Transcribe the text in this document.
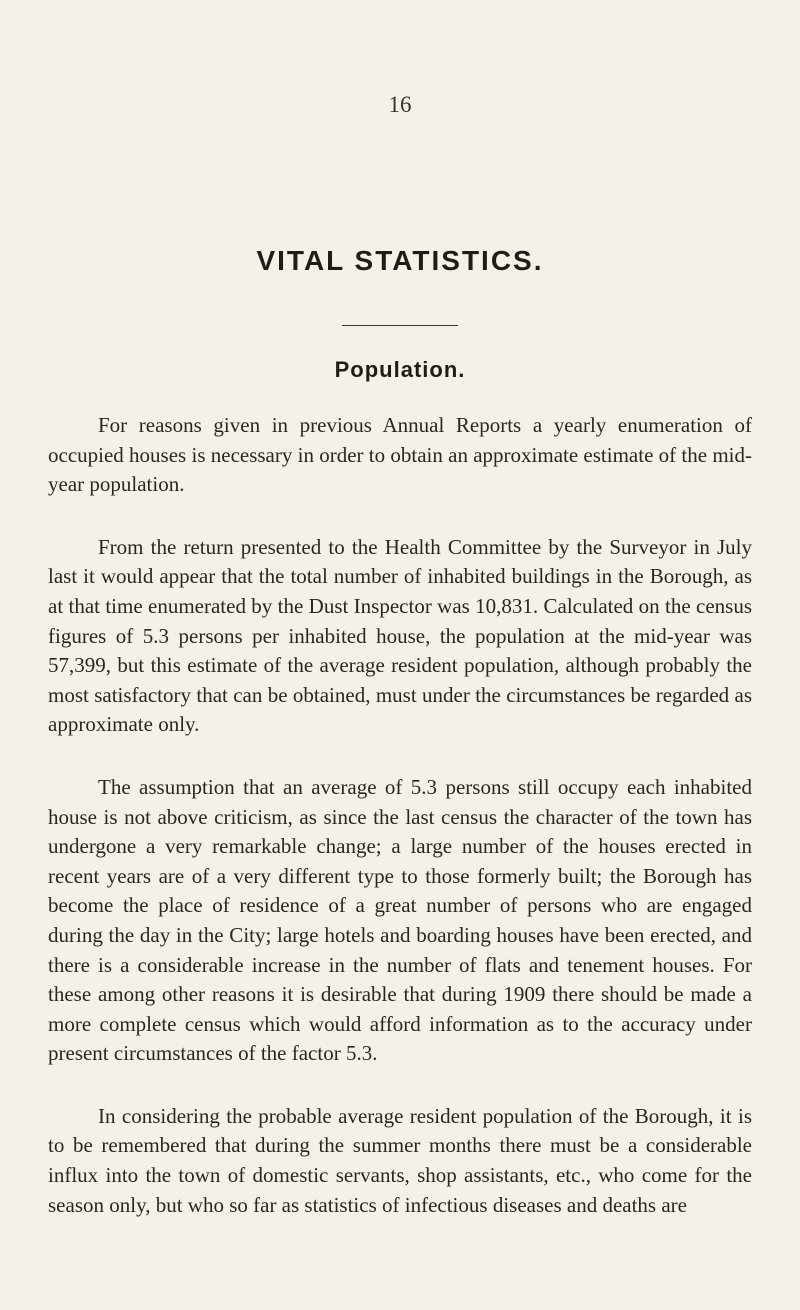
16
VITAL STATISTICS.
Population.

For reasons given in previous Annual Reports a yearly enumeration of occupied houses is necessary in order to obtain an approximate estimate of the mid-year population.

From the return presented to the Health Committee by the Surveyor in July last it would appear that the total number of inhabited buildings in the Borough, as at that time enumerated by the Dust Inspector was 10,831. Calculated on the census figures of 5.3 persons per inhabited house, the population at the mid-year was 57,399, but this estimate of the average resident population, although probably the most satisfactory that can be obtained, must under the circumstances be regarded as approximate only.

The assumption that an average of 5.3 persons still occupy each inhabited house is not above criticism, as since the last census the character of the town has undergone a very remarkable change; a large number of the houses erected in recent years are of a very different type to those formerly built; the Borough has become the place of residence of a great number of persons who are engaged during the day in the City; large hotels and boarding houses have been erected, and there is a considerable increase in the number of flats and tenement houses. For these among other reasons it is desirable that during 1909 there should be made a more complete census which would afford information as to the accuracy under present circumstances of the factor 5.3.

In considering the probable average resident population of the Borough, it is to be remembered that during the summer months there must be a considerable influx into the town of domestic servants, shop assistants, etc., who come for the season only, but who so far as statistics of infectious diseases and deaths are
